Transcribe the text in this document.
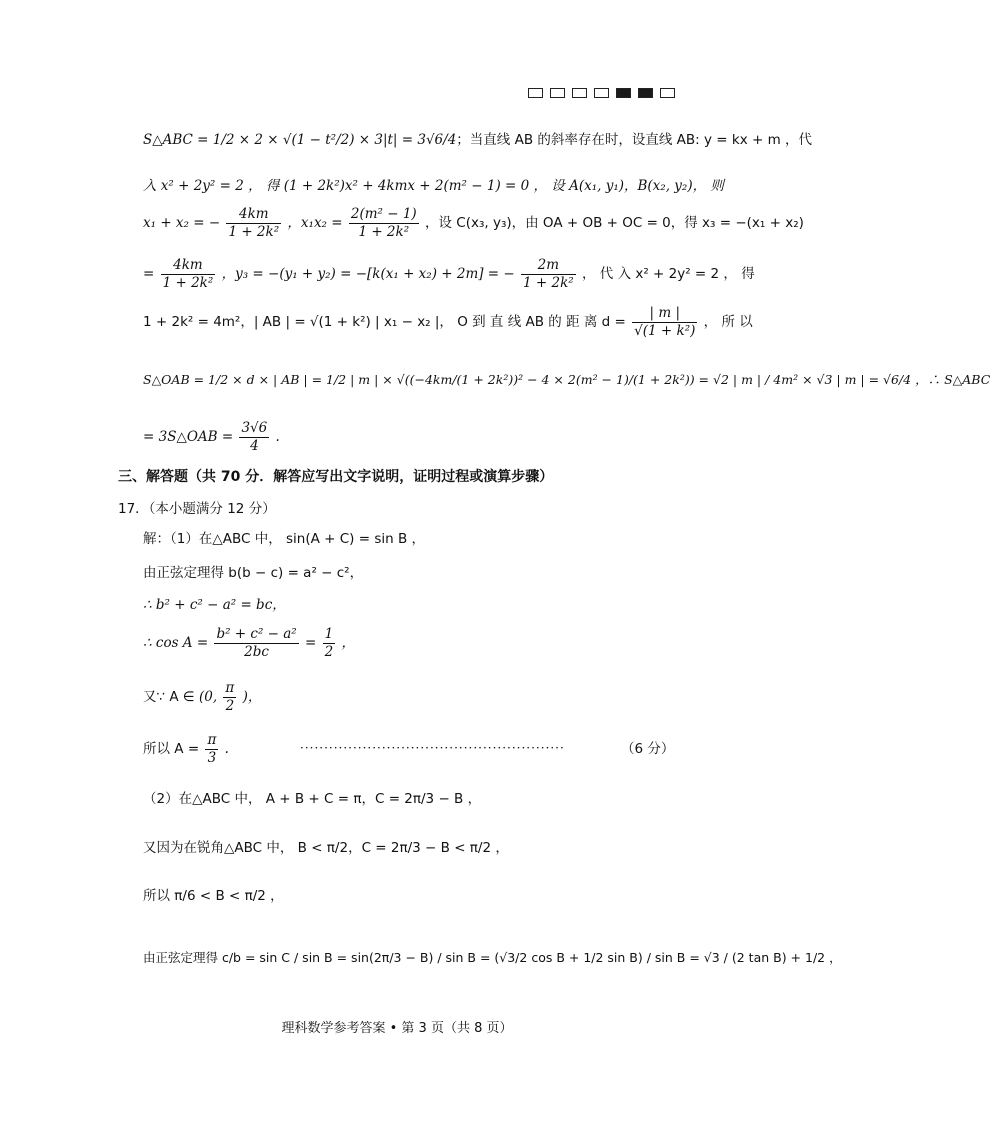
S△ABC = 1/2 × 2 × √(1 − t²/2) × 3|t| = 3√6/4；当直线 AB 的斜率存在时，设直线 AB: y = kx + m ，代
入 x² + 2y² = 2 ， 得 (1 + 2k²)x² + 4kmx + 2(m² − 1) = 0 ， 设 A(x₁, y₁)，B(x₂, y₂)， 则
x₁ + x₂ = − $\frac{4km}{\text{1 + 2k²}}$ ，$x_1x_2 = \frac{\text{2(m² − 1)}}{\text{1 + 2k²}}$ ，设 C(x₃, y₃)，由 OA + OB + OC = 0，得 x₃ = −(x₁ + x₂)
= $\frac{4km}{\text{1 + 2k²}}$ ，y₃ = −(y₁ + y₂) = −[k(x₁ + x₂) + 2m] = − $\frac{2m}{\text{1 + 2k²}}$ ， 代 入 x² + 2y² = 2 ， 得
1 + 2k² = 4m²，| AB | = √(1 + k²) | x₁ − x₂ |， O 到 直 线 AB 的 距 离 $d = \frac{| m |}{\text{√(1 + k²)}}$ ， 所 以
S△OAB = 1/2 × d × | AB | = 1/2 | m | × √((−4km/(1 + 2k²))² − 4 × 2(m² − 1)/(1 + 2k²)) = √2 | m | / 4m² × √3 | m | = √6/4 ，∴ S△ABC
= 3S△OAB = $\frac{3√6}{4}$ .
三、解答题（共 70 分．解答应写出文字说明，证明过程或演算步骤）
17．（本小题满分 12 分）
解：（1）在△ABC 中， sin(A + C) = sin B ，
由正弦定理得 b(b − c) = a² − c²，
∴ b² + c² − a² = bc，
∴ $\cos A = \frac{\text{b² + c² − a²}}{2bc} = \frac{1}{2}$ ，
又∵ A ∈ (0, $\frac{\pi}{2}$ )，
所以 $A = \frac{\pi}{3}$ .	·······················································	（6 分）
（2）在△ABC 中， A + B + C = π，C = 2π/3 − B ，
又因为在锐角△ABC 中， B < π/2，C = 2π/3 − B < π/2 ，
所以 π/6 < B < π/2 ，
由正弦定理得 c/b = sin C / sin B = sin(2π/3 − B) / sin B = (√3/2 cos B + 1/2 sin B) / sin B = √3 / (2 tan B) + 1/2 ，
理科数学参考答案 • 第 3 页（共 8 页）
